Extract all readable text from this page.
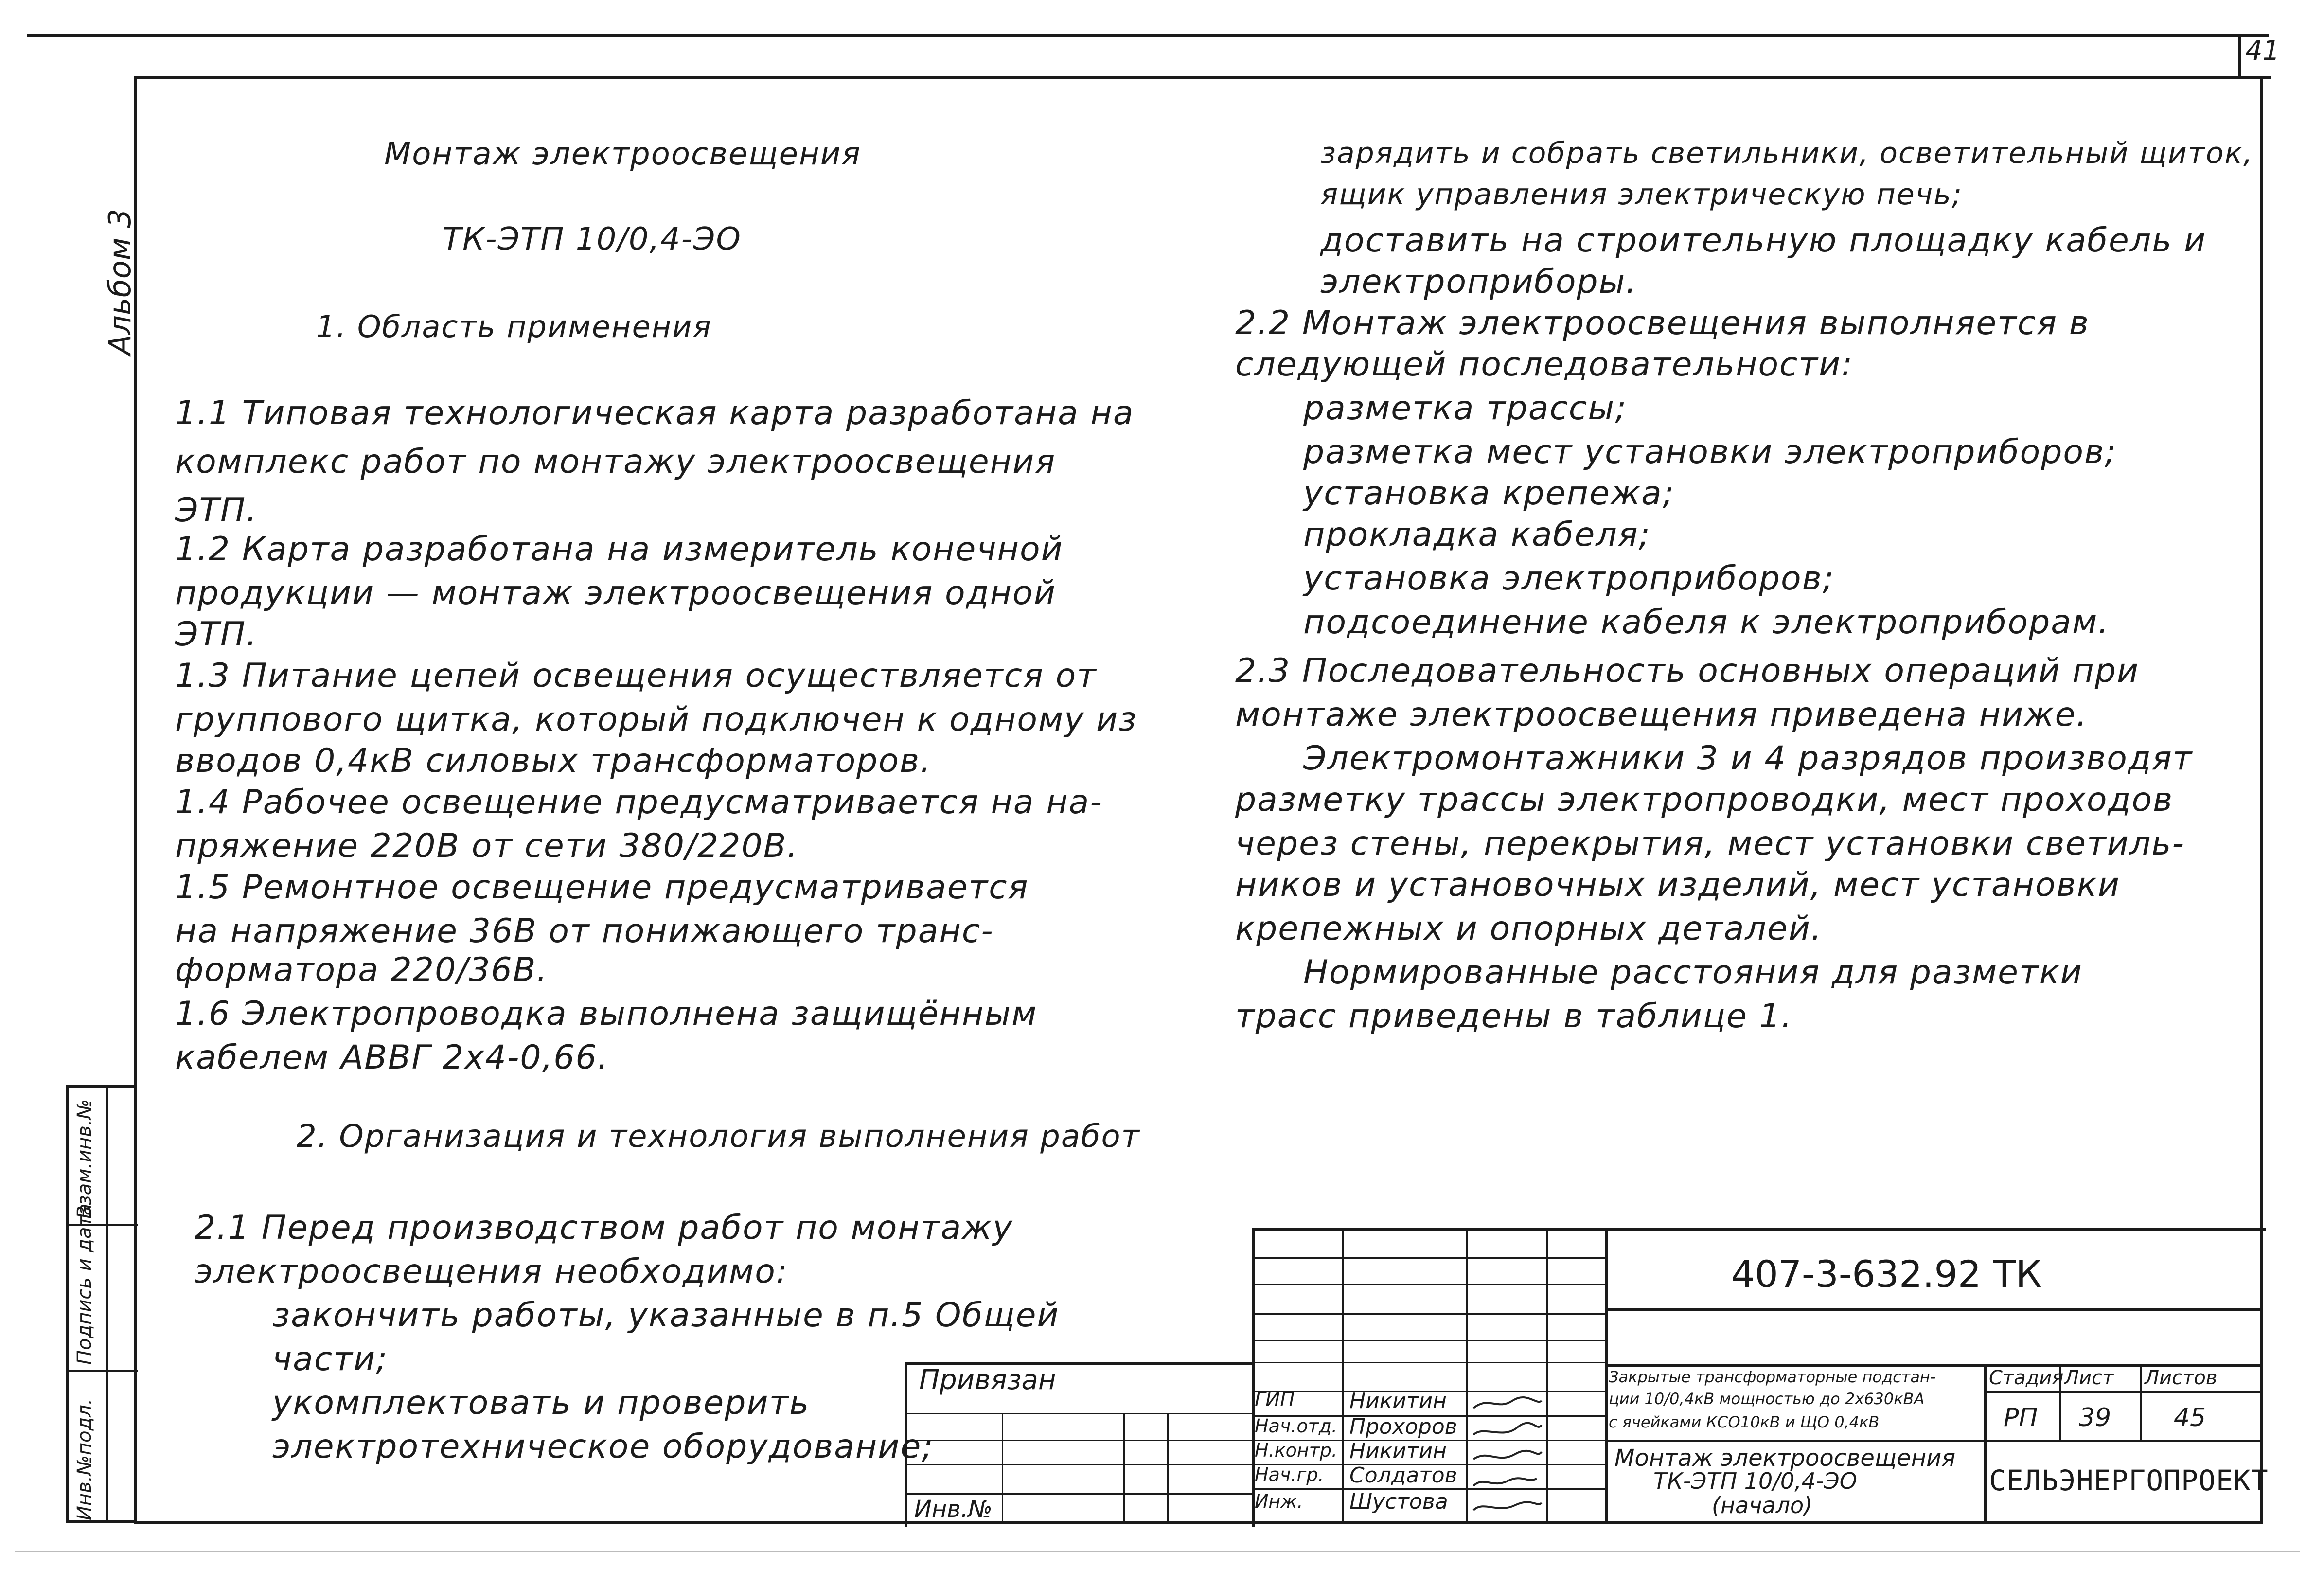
41
Альбом 3
Инв.№подл.
Подпись и дата
Взам.инв.№
Монтаж электроосвещения
ТК-ЭТП 10/0,4-ЭО
1. Область применения
1.1 Типовая технологическая карта разработана на
комплекс работ по монтажу электроосвещения
ЭТП.
1.2 Карта разработана на измеритель конечной
продукции — монтаж электроосвещения одной
ЭТП.
1.3 Питание цепей освещения осуществляется от
группового щитка, который подключен к одному из
вводов 0,4кВ силовых трансформаторов.
1.4 Рабочее освещение предусматривается на на-
пряжение 220В от сети 380/220В.
1.5 Ремонтное освещение предусматривается
на напряжение 36В от понижающего транс-
форматора 220/36В.
1.6 Электропроводка выполнена защищённым
кабелем АВВГ 2х4-0,66.
2. Организация и технология выполнения работ
2.1 Перед производством работ по монтажу
электроосвещения необходимо:
закончить работы, указанные в п.5 Общей
части;
укомплектовать и проверить
электротехническое оборудование;
зарядить и собрать светильники, осветительный щиток,
ящик управления электрическую печь;
доставить на строительную площадку кабель и
электроприборы.
2.2 Монтаж электроосвещения выполняется в
следующей последовательности:
разметка трассы;
разметка мест установки электроприборов;
установка крепежа;
прокладка кабеля;
установка электроприборов;
подсоединение кабеля к электроприборам.
2.3 Последовательность основных операций при
монтаже электроосвещения приведена ниже.
Электромонтажники 3 и 4 разрядов производят
разметку трассы электропроводки, мест проходов
через стены, перекрытия, мест установки светиль-
ников и установочных изделий, мест установки
крепежных и опорных деталей.
Нормированные расстояния для разметки
трасс приведены в таблице 1.
Привязан
Инв.№
ГИП
Нач.отд.
Н.контр.
Нач.гр.
Инж.
Никитин
Прохоров
Никитин
Солдатов
Шустова
407-3-632.92 ТК
Закрытые трансформаторные подстан-
ции 10/0,4кВ мощностью до 2х630кВА
с ячейками КСО10кВ и ЩО 0,4кВ
Стадия Лист Листов
РП 39 45
Монтаж электроосвещения
ТК-ЭТП 10/0,4-ЭО
(начало)
СЕЛЬЭНЕРГОПРОЕКТ
